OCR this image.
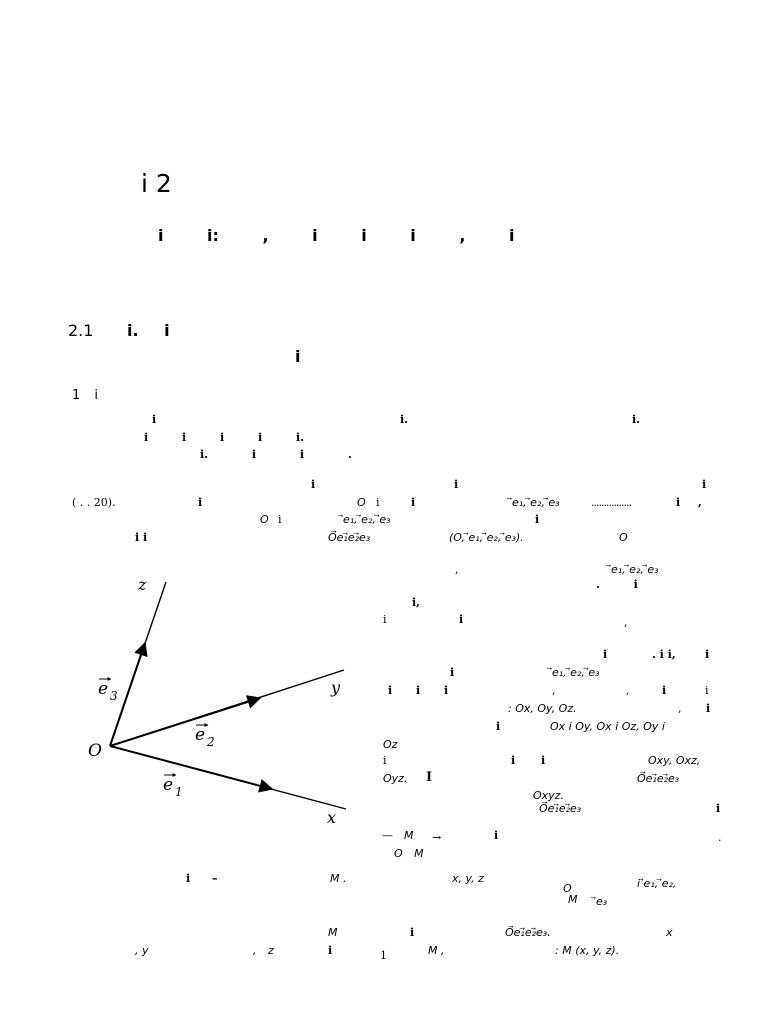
i 2
i i: , i i i , i
2.1 i. i
i
1 i
i	i.	i.
i i i i i.
i. i i .
i	i	i
( . . 20).	i	O i	i	⃗e₁, ⃗e₂, ⃗e₃	................	i ,
O i	⃗e₁, ⃗e₂, ⃗e₃	i
i i	O⃗e₁⃗e₂⃗e₃	(O, ⃗e₁, ⃗e₂, ⃗e₃).	O
,	⃗e₁, ⃗e₂, ⃗e₃
i,
. i
i	i	,
i	. i i,	i
i	⃗e₁, ⃗e₂, ⃗e₃
i i i	,	,	i	i
: Ox, Oy, Oz.	, i
i	Ox i Oy, Ox i Oz, Oy i
Oz
i	i i	Oxy, Oxz,
Oyz. I	O⃗e₁⃗e₂⃗e₃
Oxyz.
O⃗e₁⃗e₂⃗e₃	i
— M →	i	.
O M
i –	M .	x, y, z
O
M
i ⃗e₁, ⃗e₂,
⃗e₃
M	i	O⃗e₁⃗e₂⃗e₃.	x
, y	, z	i	1	M ,	: M (x, y, z).
z
y
x
O
e 3
e 2
e 1
